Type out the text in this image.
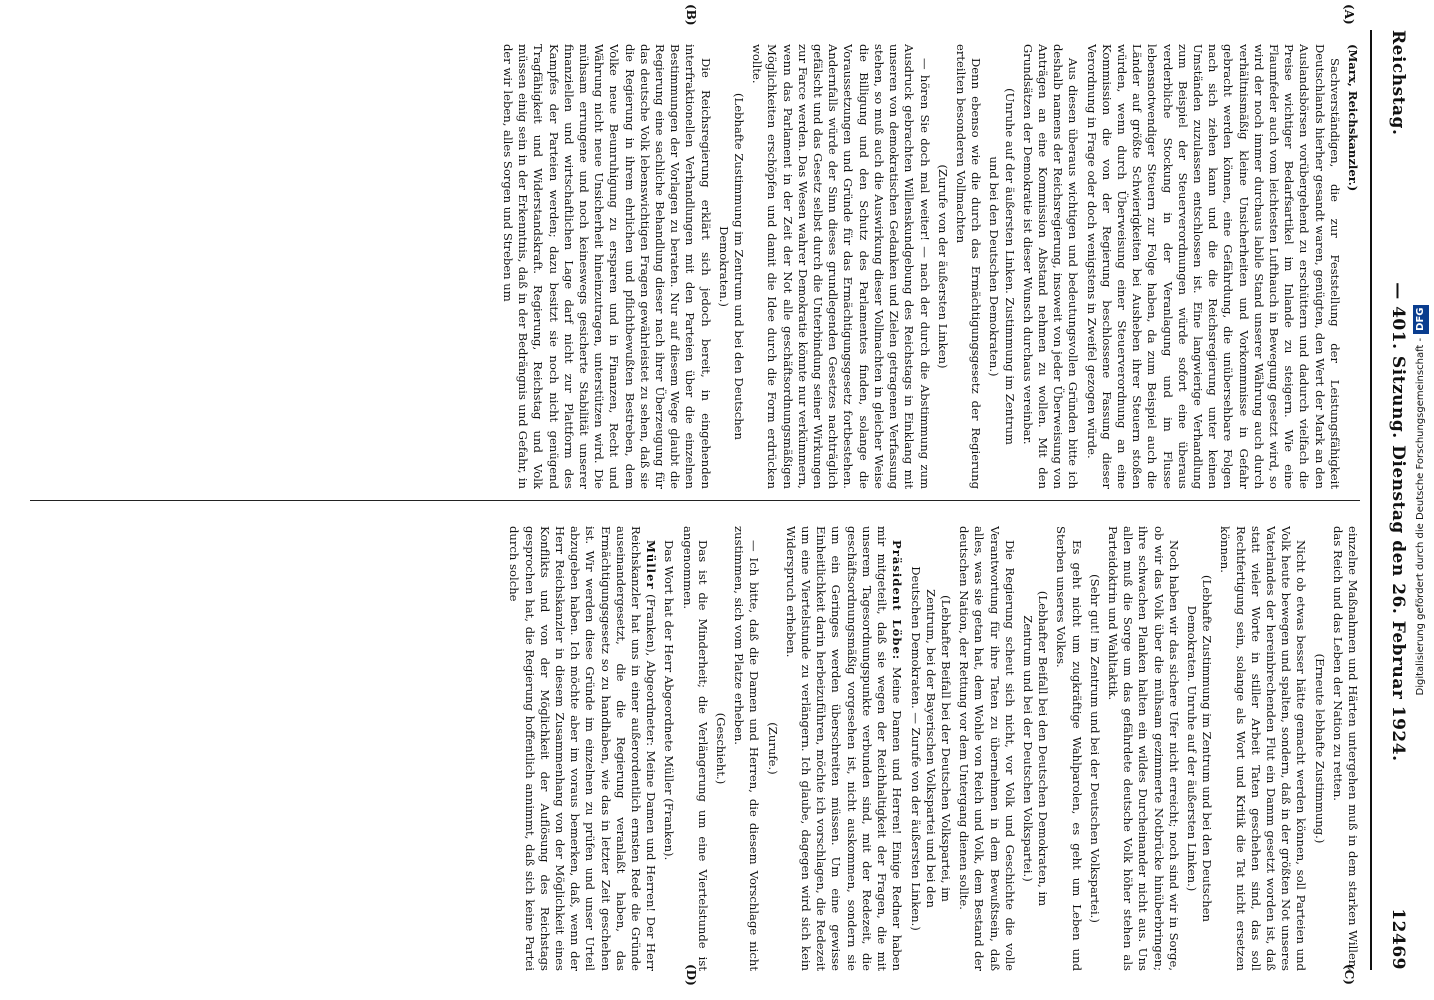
Reichstag.
— 401. Sitzung. Dienstag den 26. Februar 1924.
12469
(A)
(B)
(C)
(D)

(Marx, Reichskanzler.)

Sachverständigen, die zur Feststellung der Leistungsfähigkeit Deutschlands hierher gesandt waren, genügten, den Wert der Mark an den Auslandsbörsen vorübergehend zu erschüttern und dadurch vielfach die Preise wichtiger Bedarfsartikel im Inlande zu steigern. Wie eine Flaumfeder auch vom leichtesten Lufthauch in Bewegung gesetzt wird, so wird der noch immer durchaus labile Stand unserer Währung auch durch verhältnismäßig kleine Unsicherheiten und Vorkommnisse in Gefahr gebracht werden können, eine Gefährdung, die unübersehbare Folgen nach sich ziehen kann und die die Reichsregierung unter keinen Umständen zuzulassen entschlossen ist. Eine langwierige Verhandlung zum Beispiel der Steuerverordnungen würde sofort eine überaus verderbliche Stockung in der Veranlagung und im Flusse lebensnotwendiger Steuern zur Folge haben, da zum Beispiel auch die Länder auf größte Schwierigkeiten bei Ausheben ihrer Steuern stoßen würden, wenn durch Überweisung einer Steuerverordnung an eine Kommission die von der Regierung beschlossene Fassung dieser Verordnung in Frage oder doch wenigstens in Zweifel gezogen würde.

Aus diesen überaus wichtigen und bedeutungsvollen Gründen bitte ich deshalb namens der Reichsregierung, insoweit von jeder Überweisung von Anträgen an eine Kommission Abstand nehmen zu wollen. Mit den Grundsätzen der Demokratie ist dieser Wunsch durchaus vereinbar.

(Unruhe auf der äußersten Linken. Zustimmung im Zentrum und bei den Deutschen Demokraten.)

Denn ebenso wie die durch das Ermächtigungsgesetz der Regierung erteilten besonderen Vollmachten

(Zurufe von der äußersten Linken)

— hören Sie doch mal weiter! — nach der durch die Abstimmung zum Ausdruck gebrachten Willenskundgebung des Reichstags in Einklang mit unseren von demokratischen Gedanken und Zielen getragenen Verfassung stehen, so muß auch die Auswirkung dieser Vollmachten in gleicher Weise die Billigung und den Schutz des Parlamentes finden, solange die Voraussetzungen und Gründe für das Ermächtigungsgesetz fortbestehen. Andernfalls würde der Sinn dieses grundlegenden Gesetzes nachträglich gefälscht und das Gesetz selbst durch die Unterbindung seiner Wirkungen zur Farce werden. Das Wesen wahrer Demokratie könnte nur verkümmern, wenn das Parlament in der Zeit der Not alle geschäftsordnungsmäßigen Möglichkeiten erschöpfen und damit die Idee durch die Form erdrücken wollte.

(Lebhafte Zustimmung im Zentrum und bei den Deutschen Demokraten.)

Die Reichsregierung erklärt sich jedoch bereit, in eingehenden interfraktionellen Verhandlungen mit den Parteien über die einzelnen Bestimmungen der Vorlagen zu beraten. Nur auf diesem Wege glaubt die Regierung eine sachliche Behandlung dieser nach ihrer Überzeugung für das deutsche Volk lebenswichtigen Fragen gewährleistet zu sehen, daß sie die Regierung in ihrem ehrlichen und pflichtbewußten Bestreben, dem Volke neue Beunruhigung zu ersparen und in Finanzen, Recht und Währung nicht neue Unsicherheit hineinzutragen, unterstützen wird. Die mühsam errungene und noch keineswegs gesicherte Stabilität unserer finanziellen und wirtschaftlichen Lage darf nicht zur Plattform des Kampfes der Parteien werden; dazu besitzt sie noch nicht genügend Tragfähigkeit und Widerstandskraft. Regierung, Reichstag und Volk müssen einig sein in der Erkenntnis, daß in der Bedrängnis und Gefahr, in der wir leben, alles Sorgen und Streben um

einzelne Maßnahmen und Härten untergehen muß in dem starken Willen, das Reich und das Leben der Nation zu retten.

(Erneute lebhafte Zustimmung.)

Nicht ob etwas besser hätte gemacht werden können, soll Parteien und Volk heute bewegen und spalten, sondern, daß in der größten Not unseres Vaterlandes der hereinbrechenden Flut ein Damm gesetzt worden ist, daß statt vieler Worte in stiller Arbeit Taten geschehen sind, das soll Rechtfertigung sein, solange als Wort und Kritik die Tat nicht ersetzen können.

(Lebhafte Zustimmung im Zentrum und bei den Deutschen Demokraten. Unruhe auf der äußersten Linken.)

Noch haben wir das sichere Ufer nicht erreicht; noch sind wir in Sorge, ob wir das Volk über die mühsam gezimmerte Notbrücke hinüberbringen; ihre schwachen Planken halten ein wildes Durcheinander nicht aus. Uns allen muß die Sorge um das gefährdete deutsche Volk höher stehen als Parteidoktrin und Wahltaktik.

(Sehr gut! im Zentrum und bei der Deutschen Volkspartei.)

Es geht nicht um zugkräftige Wahlparolen, es geht um Leben und Sterben unseres Volkes.

(Lebhafter Beifall bei den Deutschen Demokraten, im Zentrum und bei der Deutschen Volkspartei.)

Die Regierung scheut sich nicht, vor Volk und Geschichte die volle Verantwortung für ihre Taten zu übernehmen in dem Bewußtsein, daß alles, was sie getan hat, dem Wohle von Reich und Volk, dem Bestand der deutschen Nation, der Rettung vor dem Untergang dienen sollte.

(Lebhafter Beifall bei der Deutschen Volkspartei, im Zentrum, bei der Bayerischen Volkspartei und bei den Deutschen Demokraten. — Zurufe von der äußersten Linken.)

Präsident Löbe: Meine Damen und Herren! Einige Redner haben mir mitgeteilt, daß sie wegen der Reichhaltigkeit der Fragen, die mit unserem Tagesordnungspunkte verbunden sind, mit der Redezeit, die geschäftsordnungsmäßig vorgesehen ist, nicht auskommen, sondern sie um ein Geringes werden überschreiten müssen. Um eine gewisse Einheitlichkeit darin herbeizuführen, möchte ich vorschlagen, die Redezeit um eine Viertelstunde zu verlängern. Ich glaube, dagegen wird sich kein Widerspruch erheben.

(Zurufe.)

— Ich bitte, daß die Damen und Herren, die diesem Vorschlage nicht zustimmen, sich vom Platze erheben.

(Geschieht.)

Das ist die Minderheit; die Verlängerung um eine Viertelstunde ist angenommen.

Das Wort hat der Herr Abgeordnete Müller (Franken).

Müller (Franken), Abgeordneter: Meine Damen und Herren! Der Herr Reichskanzler hat uns in einer außerordentlich ernsten Rede die Gründe auseinandergesetzt, die die Regierung veranlaßt haben, das Ermächtigungsgesetz so zu handhaben, wie das in letzter Zeit geschehen ist. Wir werden diese Gründe im einzelnen zu prüfen und unser Urteil abzugeben haben. Ich möchte aber im voraus bemerken, daß, wenn der Herr Reichskanzler in diesem Zusammenhang von der Möglichkeit eines Konflikts und von der Möglichkeit der Auflösung des Reichstags gesprochen hat, die Regierung hoffentlich annimmt, daß sich keine Partei durch solche	Digitalisierung gefördert durch die Deutsche Forschungsgemeinschaft -DFG
